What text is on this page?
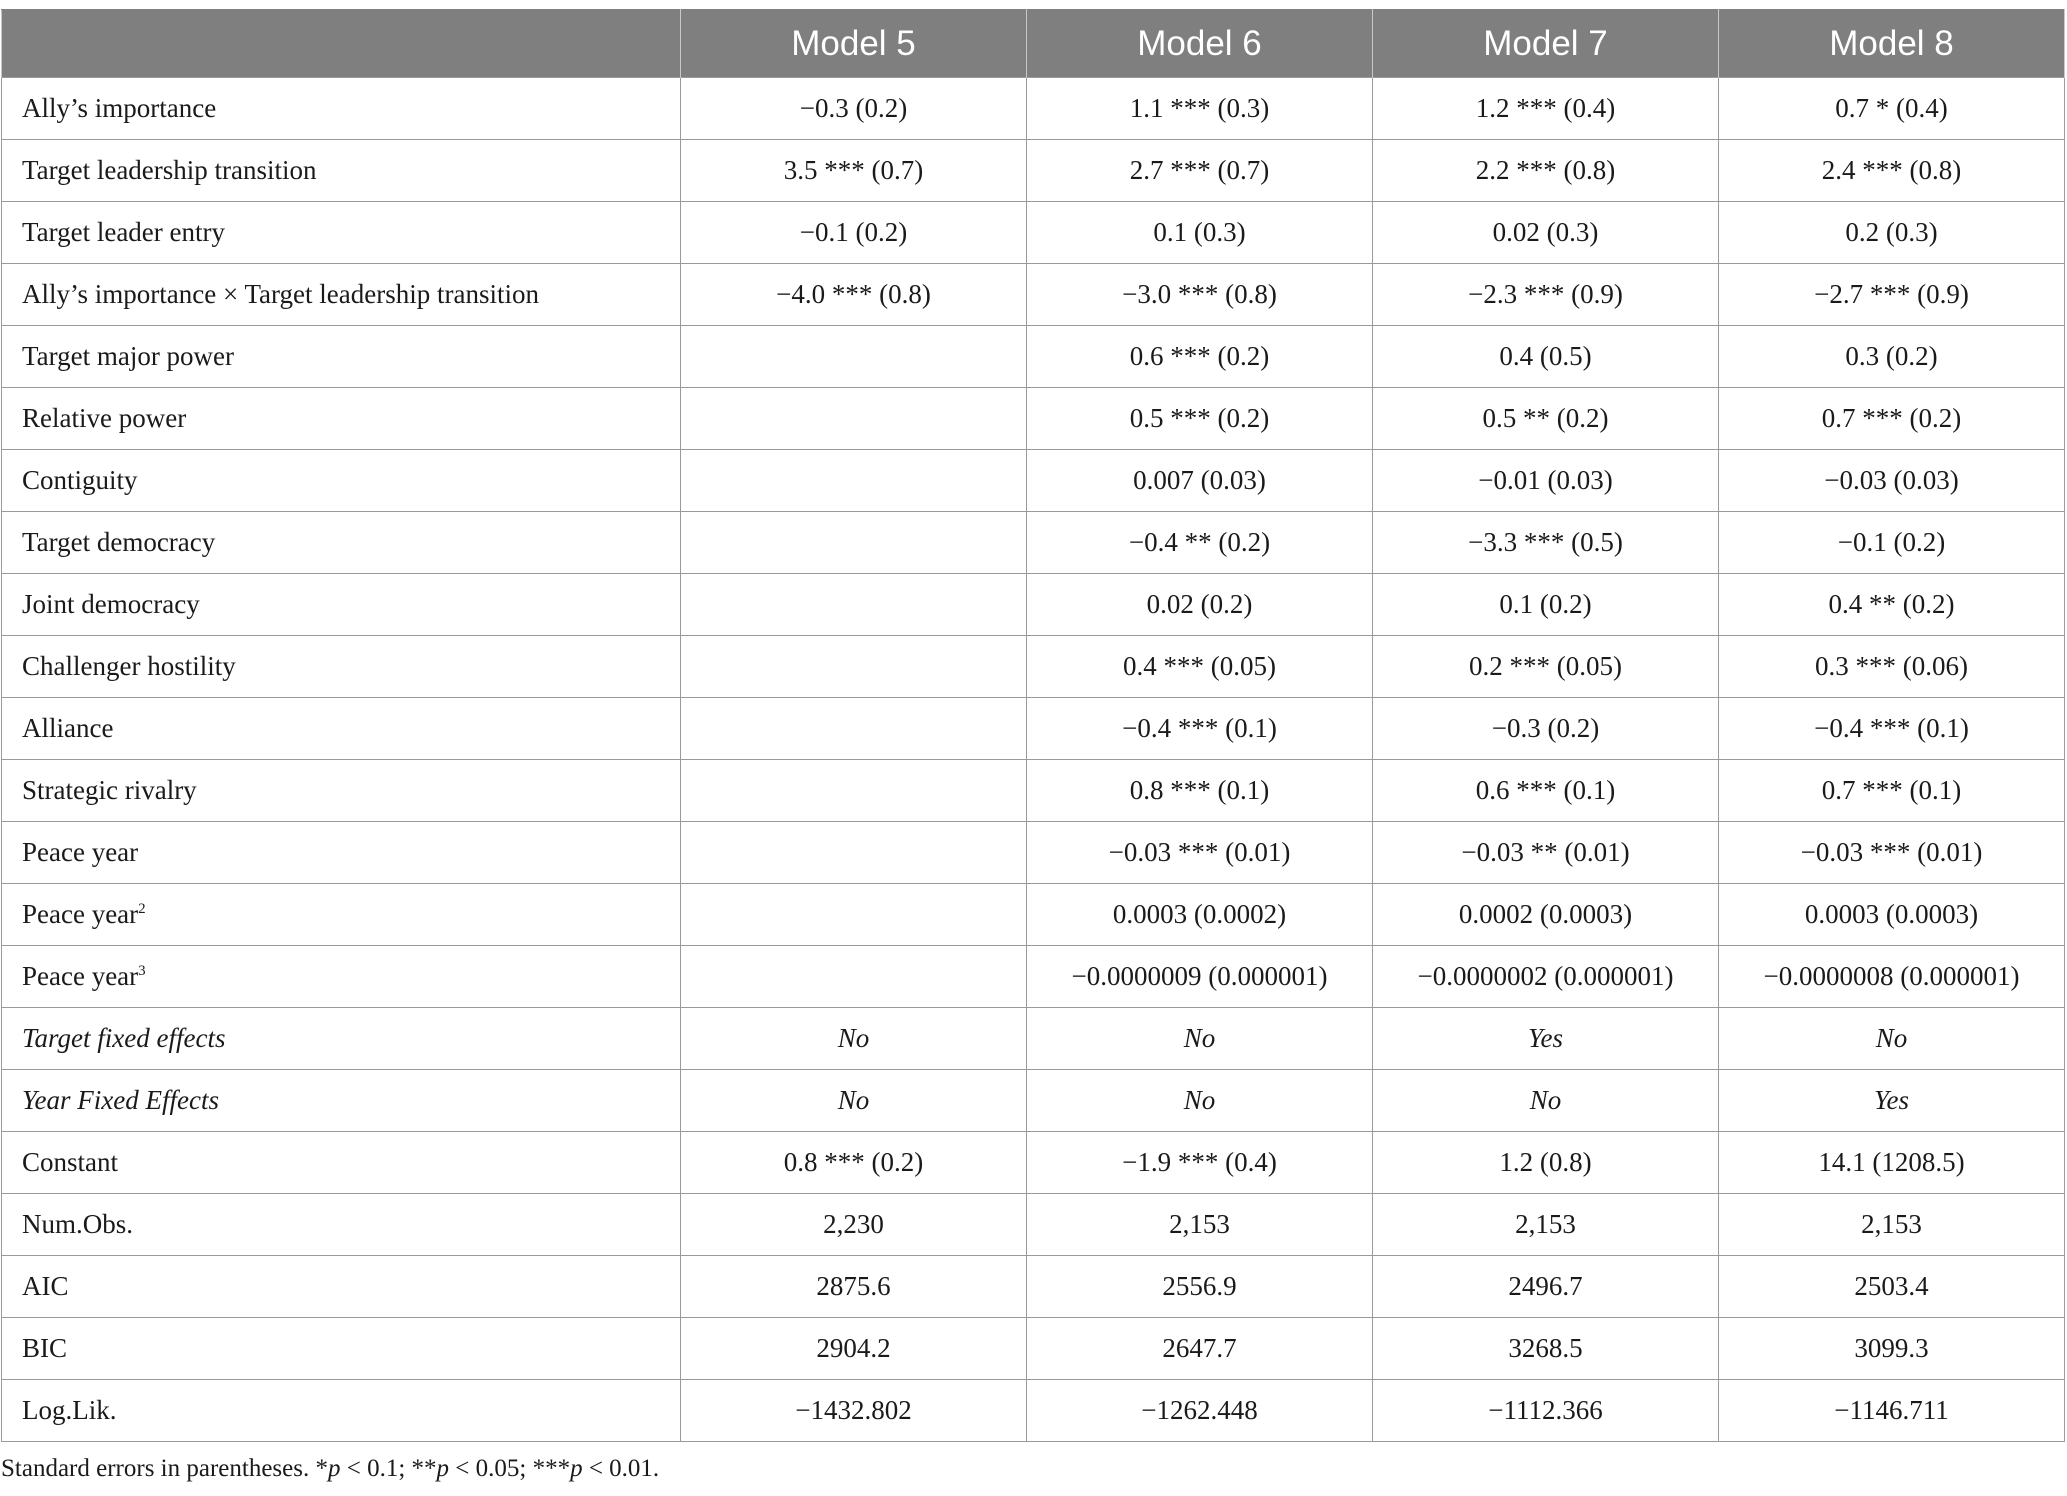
	Model 5	Model 6	Model 7	Model 8
Ally’s importance	−0.3 (0.2)	1.1 *** (0.3)	1.2 *** (0.4)	0.7 * (0.4)
Target leadership transition	3.5 *** (0.7)	2.7 *** (0.7)	2.2 *** (0.8)	2.4 *** (0.8)
Target leader entry	−0.1 (0.2)	0.1 (0.3)	0.02 (0.3)	0.2 (0.3)
Ally’s importance × Target leadership transition	−4.0 *** (0.8)	−3.0 *** (0.8)	−2.3 *** (0.9)	−2.7 *** (0.9)
Target major power		0.6 *** (0.2)	0.4 (0.5)	0.3 (0.2)
Relative power		0.5 *** (0.2)	0.5 ** (0.2)	0.7 *** (0.2)
Contiguity		0.007 (0.03)	−0.01 (0.03)	−0.03 (0.03)
Target democracy		−0.4 ** (0.2)	−3.3 *** (0.5)	−0.1 (0.2)
Joint democracy		0.02 (0.2)	0.1 (0.2)	0.4 ** (0.2)
Challenger hostility		0.4 *** (0.05)	0.2 *** (0.05)	0.3 *** (0.06)
Alliance		−0.4 *** (0.1)	−0.3 (0.2)	−0.4 *** (0.1)
Strategic rivalry		0.8 *** (0.1)	0.6 *** (0.1)	0.7 *** (0.1)
Peace year		−0.03 *** (0.01)	−0.03 ** (0.01)	−0.03 *** (0.01)
Peace year$^2$		0.0003 (0.0002)	0.0002 (0.0003)	0.0003 (0.0003)
Peace year$^3$		−0.0000009 (0.000001)	−0.0000002 (0.000001)	−0.0000008 (0.000001)
Target fixed effects	No	No	Yes	No
Year Fixed Effects	No	No	No	Yes
Constant	0.8 *** (0.2)	−1.9 *** (0.4)	1.2 (0.8)	14.1 (1208.5)
Num.Obs.	2,230	2,153	2,153	2,153
AIC	2875.6	2556.9	2496.7	2503.4
BIC	2904.2	2647.7	3268.5	3099.3
Log.Lik.	−1432.802	−1262.448	−1112.366	−1146.711
Standard errors in parentheses. *p < 0.1; **p < 0.05; ***p < 0.01.
